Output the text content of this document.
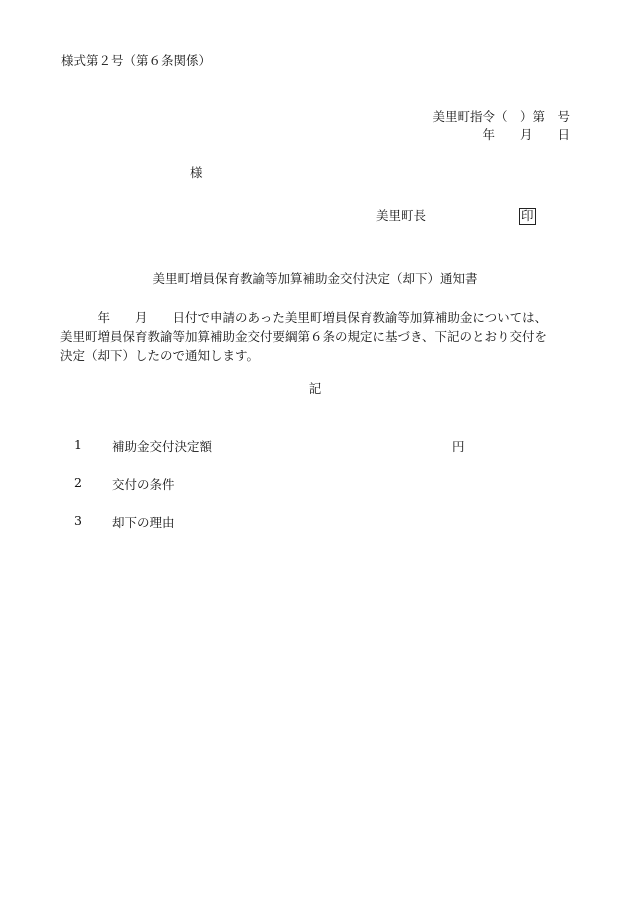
様式第２号（第６条関係）
美里町指令（　）第　号
年　　月　　日
様
美里町長	印
美里町増員保育教諭等加算補助金交付決定（却下）通知書
　　　年　　月　　日付で申請のあった美里町増員保育教諭等加算補助金については、
美里町増員保育教諭等加算補助金交付要綱第６条の規定に基づき、下記のとおり交付を
決定（却下）したので通知します。
記
1	補助金交付決定額	円
2	交付の条件
3	却下の理由
